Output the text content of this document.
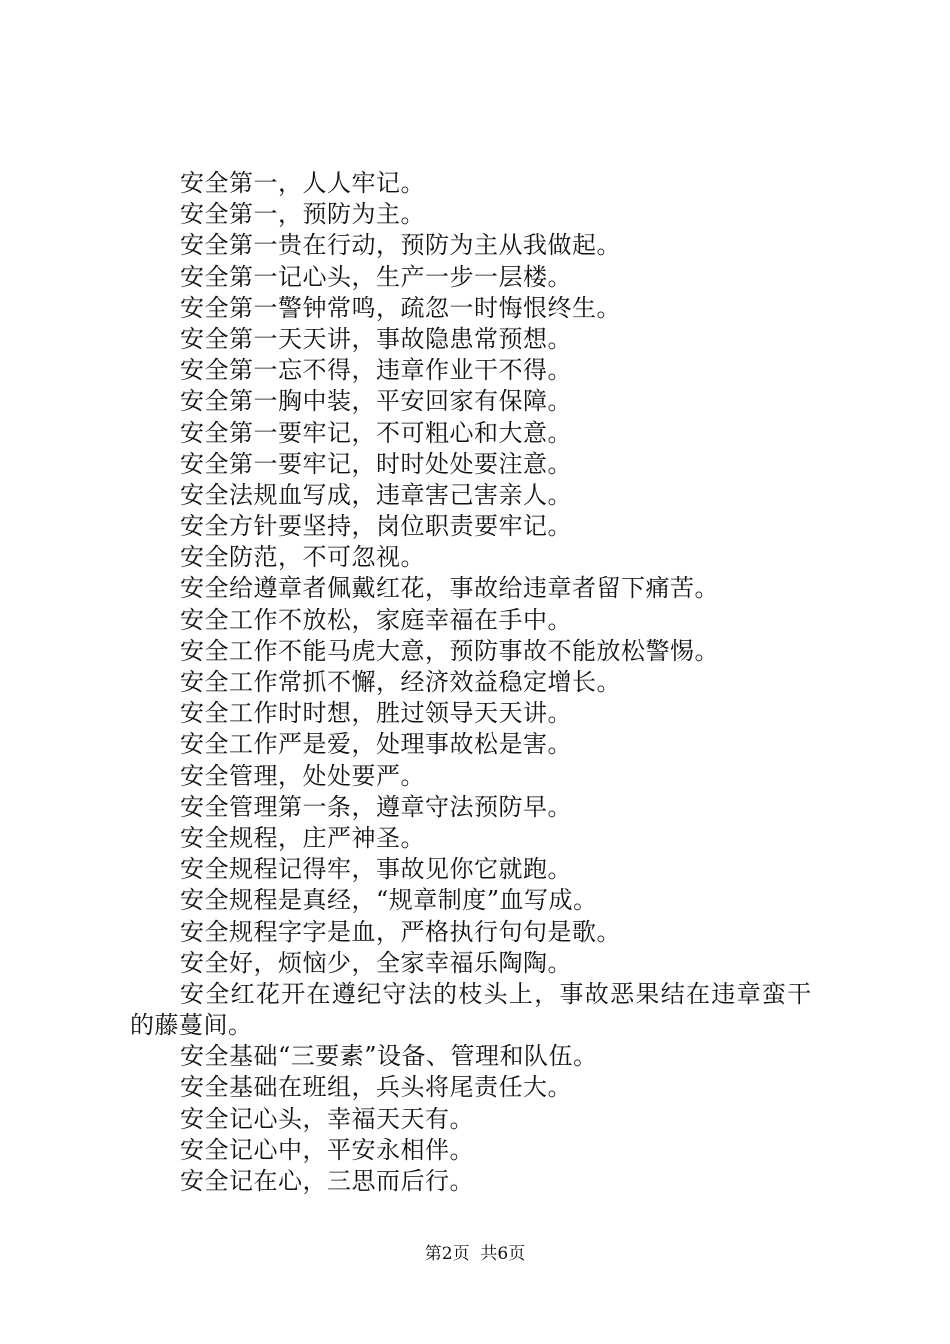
安全第一，人人牢记。
安全第一，预防为主。
安全第一贵在行动，预防为主从我做起。
安全第一记心头，生产一步一层楼。
安全第一警钟常鸣，疏忽一时悔恨终生。
安全第一天天讲，事故隐患常预想。
安全第一忘不得，违章作业干不得。
安全第一胸中装，平安回家有保障。
安全第一要牢记，不可粗心和大意。
安全第一要牢记，时时处处要注意。
安全法规血写成，违章害己害亲人。
安全方针要坚持，岗位职责要牢记。
安全防范，不可忽视。
安全给遵章者佩戴红花，事故给违章者留下痛苦。
安全工作不放松，家庭幸福在手中。
安全工作不能马虎大意，预防事故不能放松警惕。
安全工作常抓不懈，经济效益稳定增长。
安全工作时时想，胜过领导天天讲。
安全工作严是爱，处理事故松是害。
安全管理，处处要严。
安全管理第一条，遵章守法预防早。
安全规程，庄严神圣。
安全规程记得牢，事故见你它就跑。
安全规程是真经，“规章制度”血写成。
安全规程字字是血，严格执行句句是歌。
安全好，烦恼少，全家幸福乐陶陶。
安全红花开在遵纪守法的枝头上，事故恶果结在违章蛮干
的藤蔓间。
安全基础“三要素”设备、管理和队伍。
安全基础在班组，兵头将尾责任大。
安全记心头，幸福天天有。
安全记心中，平安永相伴。
安全记在心，三思而后行。
第2页  共6页
